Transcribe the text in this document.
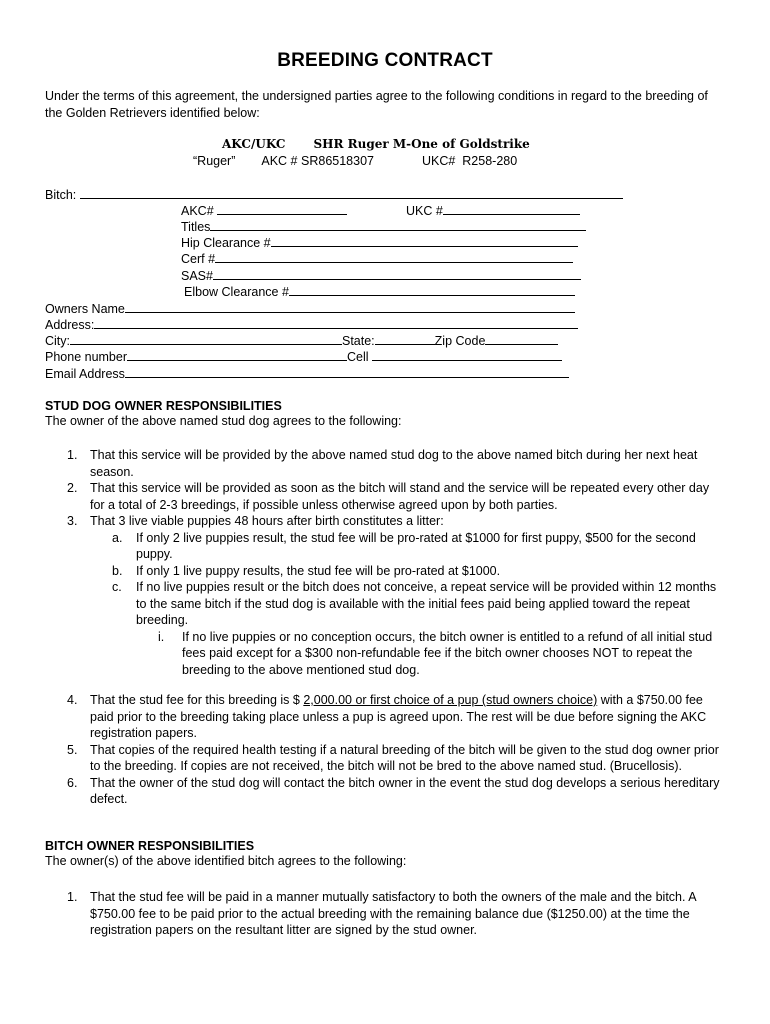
BREEDING CONTRACT
Under the terms of this agreement, the undersigned parties agree to the following conditions in regard to the breeding of the Golden Retrievers identified below:
AKC/UKC SHR Ruger M-One of Goldstrike
“Ruger” AKC # SR86518307	UKC# R258-280
Bitch:
AKC#	UKC #
Titles
Hip Clearance #
Cerf #
SAS#
Elbow Clearance #
Owners Name
Address:
City:	State:	Zip Code
Phone number	Cell
Email Address
STUD DOG OWNER RESPONSIBILITIES
The owner of the above named stud dog agrees to the following:
1. That this service will be provided by the above named stud dog to the above named bitch during her next heat season.
2. That this service will be provided as soon as the bitch will stand and the service will be repeated every other day for a total of 2-3 breedings, if possible unless otherwise agreed upon by both parties.
3. That 3 live viable puppies 48 hours after birth constitutes a litter:
a. If only 2 live puppies result, the stud fee will be pro-rated at $1000 for first puppy, $500 for the second puppy.
b. If only 1 live puppy results, the stud fee will be pro-rated at $1000.
c. If no live puppies result or the bitch does not conceive, a repeat service will be provided within 12 months to the same bitch if the stud dog is available with the initial fees paid being applied toward the repeat breeding.
i. If no live puppies or no conception occurs, the bitch owner is entitled to a refund of all initial stud fees paid except for a $300 non-refundable fee if the bitch owner chooses NOT to repeat the breeding to the above mentioned stud dog.
4. That the stud fee for this breeding is $ 2,000.00 or first choice of a pup (stud owners choice) with a $750.00 fee paid prior to the breeding taking place unless a pup is agreed upon. The rest will be due before signing the AKC registration papers.
5. That copies of the required health testing if a natural breeding of the bitch will be given to the stud dog owner prior to the breeding. If copies are not received, the bitch will not be bred to the above named stud. (Brucellosis).
6. That the owner of the stud dog will contact the bitch owner in the event the stud dog develops a serious hereditary defect.
BITCH OWNER RESPONSIBILITIES
The owner(s) of the above identified bitch agrees to the following:
1. That the stud fee will be paid in a manner mutually satisfactory to both the owners of the male and the bitch. A $750.00 fee to be paid prior to the actual breeding with the remaining balance due ($1250.00) at the time the registration papers on the resultant litter are signed by the stud owner.
